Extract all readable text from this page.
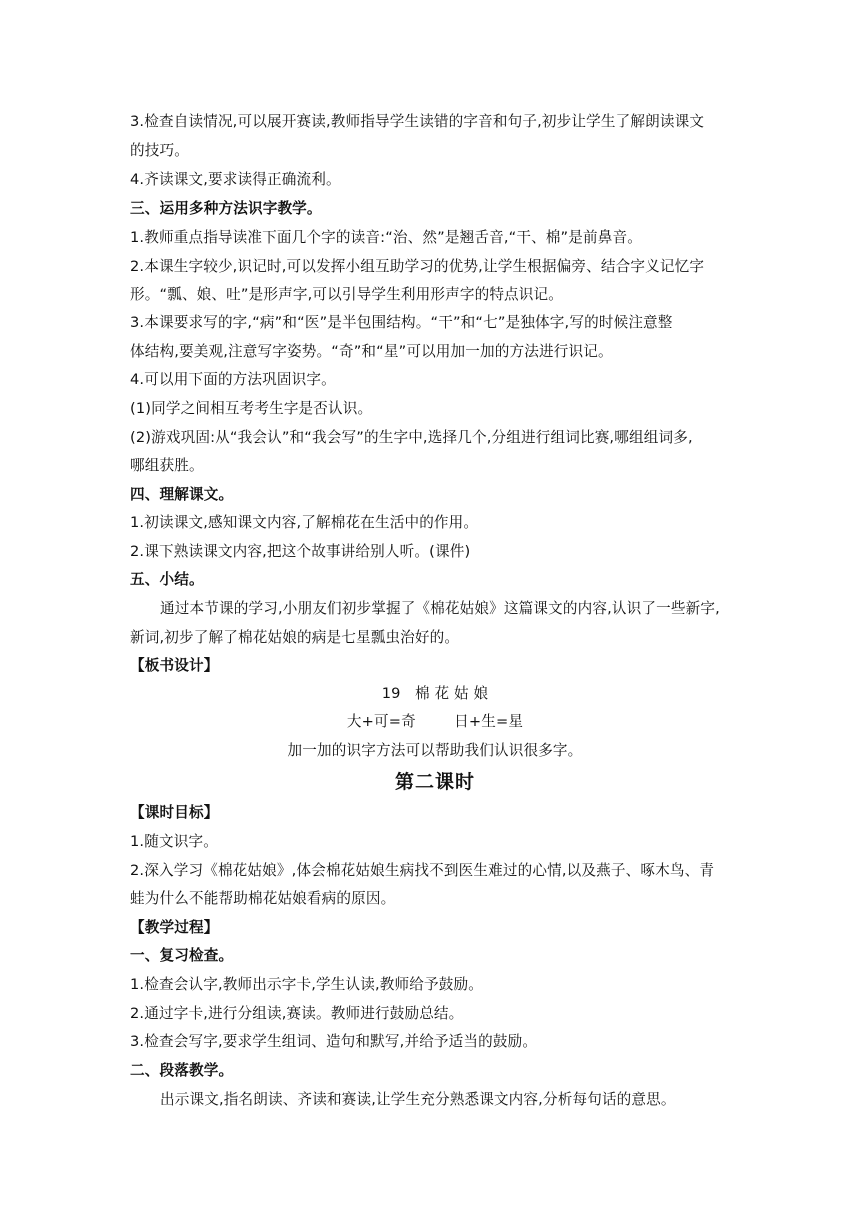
3.检查自读情况,可以展开赛读,教师指导学生读错的字音和句子,初步让学生了解朗读课文
的技巧。
4.齐读课文,要求读得正确流利。
三、运用多种方法识字教学。
1.教师重点指导读准下面几个字的读音:“治、然”是翘舌音,“干、棉”是前鼻音。
2.本课生字较少,识记时,可以发挥小组互助学习的优势,让学生根据偏旁、结合字义记忆字
形。“瓢、娘、吐”是形声字,可以引导学生利用形声字的特点识记。
3.本课要求写的字,“病”和“医”是半包围结构。“干”和“七”是独体字,写的时候注意整
体结构,要美观,注意写字姿势。“奇”和“星”可以用加一加的方法进行识记。
4.可以用下面的方法巩固识字。
(1)同学之间相互考考生字是否认识。
(2)游戏巩固:从“我会认”和“我会写”的生字中,选择几个,分组进行组词比赛,哪组组词多,
哪组获胜。
四、理解课文。
1.初读课文,感知课文内容,了解棉花在生活中的作用。
2.课下熟读课文内容,把这个故事讲给别人听。(课件)
五、小结。
通过本节课的学习,小朋友们初步掌握了《棉花姑娘》这篇课文的内容,认识了一些新字,
新词,初步了解了棉花姑娘的病是七星瓢虫治好的。
【板书设计】
19   棉 花 姑 娘
大+可=奇        日+生=星
加一加的识字方法可以帮助我们认识很多字。
第二课时
【课时目标】
1.随文识字。
2.深入学习《棉花姑娘》,体会棉花姑娘生病找不到医生难过的心情,以及燕子、啄木鸟、青
蛙为什么不能帮助棉花姑娘看病的原因。
【教学过程】
一、复习检查。
1.检查会认字,教师出示字卡,学生认读,教师给予鼓励。
2.通过字卡,进行分组读,赛读。教师进行鼓励总结。
3.检查会写字,要求学生组词、造句和默写,并给予适当的鼓励。
二、段落教学。
出示课文,指名朗读、齐读和赛读,让学生充分熟悉课文内容,分析每句话的意思。
